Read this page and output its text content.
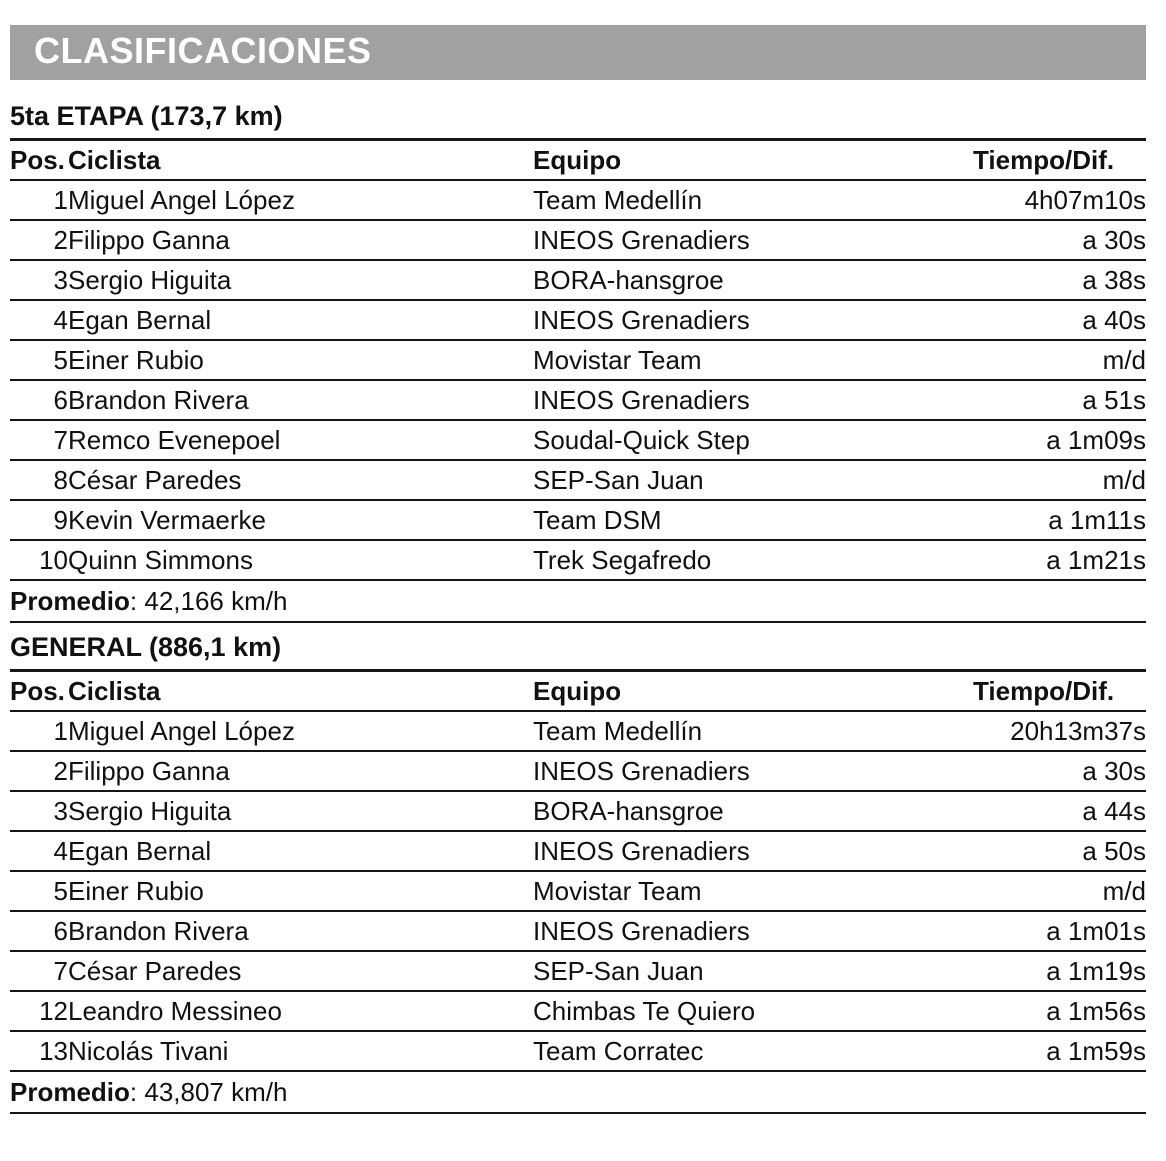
CLASIFICACIONES
5ta ETAPA (173,7 km)
Pos.	Ciclista	Equipo	Tiempo/Dif.
1	Miguel Angel López	Team Medellín	4h07m10s
2	Filippo Ganna	INEOS Grenadiers	a 30s
3	Sergio Higuita	BORA-hansgroe	a 38s
4	Egan Bernal	INEOS Grenadiers	a 40s
5	Einer Rubio	Movistar Team	m/d
6	Brandon Rivera	INEOS Grenadiers	a 51s
7	Remco Evenepoel	Soudal-Quick Step	a 1m09s
8	César Paredes	SEP-San Juan	m/d
9	Kevin Vermaerke	Team DSM	a 1m11s
10	Quinn Simmons	Trek Segafredo	a 1m21s
Promedio: 42,166 km/h
GENERAL (886,1 km)
Pos.	Ciclista	Equipo	Tiempo/Dif.
1	Miguel Angel López	Team Medellín	20h13m37s
2	Filippo Ganna	INEOS Grenadiers	a 30s
3	Sergio Higuita	BORA-hansgroe	a 44s
4	Egan Bernal	INEOS Grenadiers	a 50s
5	Einer Rubio	Movistar Team	m/d
6	Brandon Rivera	INEOS Grenadiers	a 1m01s
7	César Paredes	SEP-San Juan	a 1m19s
12	Leandro Messineo	Chimbas Te Quiero	a 1m56s
13	Nicolás Tivani	Team Corratec	a 1m59s
Promedio: 43,807 km/h
